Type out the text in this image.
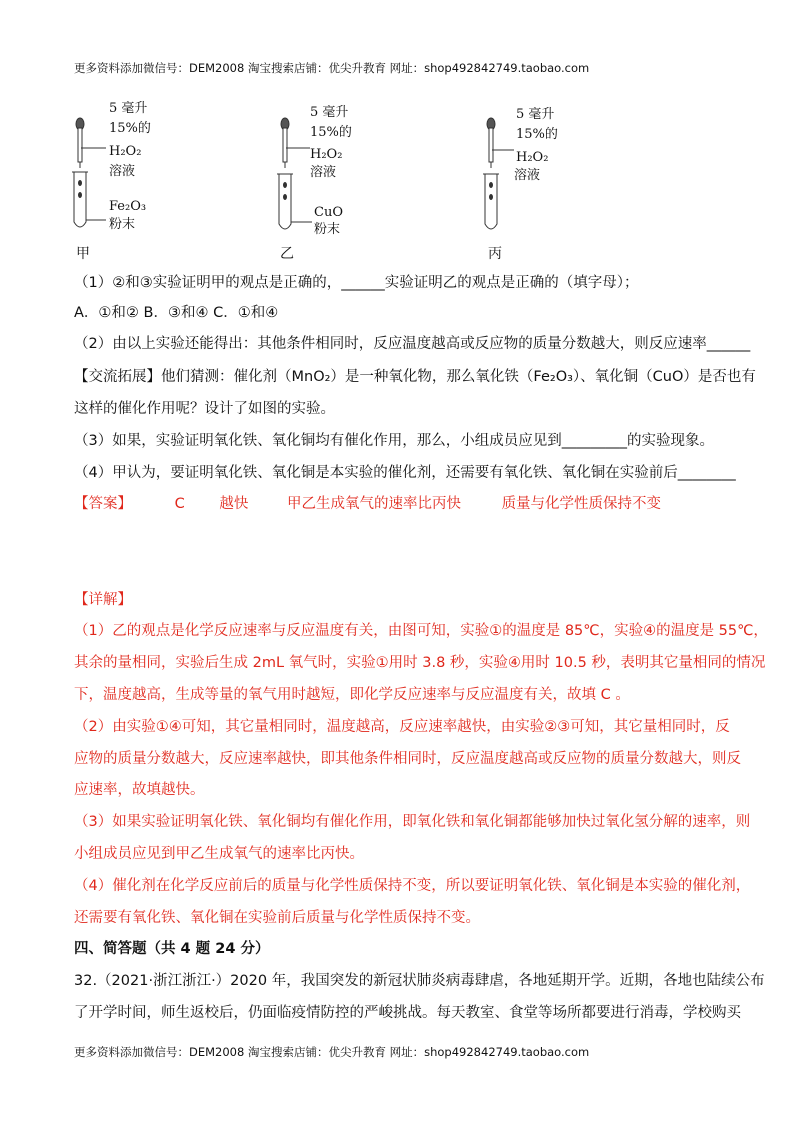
更多资料添加微信号：DEM2008 淘宝搜索店铺：优尖升教育 网址：shop492842749.taobao.com
5 毫升
15%的
H₂O₂
溶液
Fe₂O₃
粉末
5 毫升
15%的
H₂O₂
溶液
CuO
粉末
5 毫升
15%的
H₂O₂
溶液
甲	乙	丙
（1）②和③实验证明甲的观点是正确的，______实验证明乙的观点是正确的（填字母）；
A．①和② B．③和④ C．①和④
（2）由以上实验还能得出：其他条件相同时，反应温度越高或反应物的质量分数越大，则反应速率______
【交流拓展】他们猜测：催化剂（MnO₂）是一种氧化物，那么氧化铁（Fe₂O₃）、氧化铜（CuO）是否也有
这样的催化作用呢？设计了如图的实验。
（3）如果，实验证明氧化铁、氧化铜均有催化作用，那么，小组成员应见到_________的实验现象。
（4）甲认为，要证明氧化铁、氧化铜是本实验的催化剂，还需要有氧化铁、氧化铜在实验前后________
【答案】	C 越快	甲乙生成氧气的速率比丙快	质量与化学性质保持不变
【详解】
（1）乙的观点是化学反应速率与反应温度有关，由图可知，实验①的温度是 85℃，实验④的温度是 55℃，
其余的量相同，实验后生成 2mL 氧气时，实验①用时 3.8 秒，实验④用时 10.5 秒，表明其它量相同的情况
下，温度越高，生成等量的氧气用时越短，即化学反应速率与反应温度有关，故填 C 。
（2）由实验①④可知，其它量相同时，温度越高，反应速率越快，由实验②③可知，其它量相同时，反
应物的质量分数越大，反应速率越快，即其他条件相同时，反应温度越高或反应物的质量分数越大，则反
应速率，故填越快。
（3）如果实验证明氧化铁、氧化铜均有催化作用，即氧化铁和氧化铜都能够加快过氧化氢分解的速率，则
小组成员应见到甲乙生成氧气的速率比丙快。
（4）催化剂在化学反应前后的质量与化学性质保持不变，所以要证明氧化铁、氧化铜是本实验的催化剂，
还需要有氧化铁、氧化铜在实验前后质量与化学性质保持不变。
四、简答题（共 4 题 24 分）
32.（2021·浙江浙江·）2020 年，我国突发的新冠状肺炎病毒肆虐，各地延期开学。近期，各地也陆续公布
了开学时间，师生返校后，仍面临疫情防控的严峻挑战。每天教室、食堂等场所都要进行消毒，学校购买
更多资料添加微信号：DEM2008 淘宝搜索店铺：优尖升教育 网址：shop492842749.taobao.com
